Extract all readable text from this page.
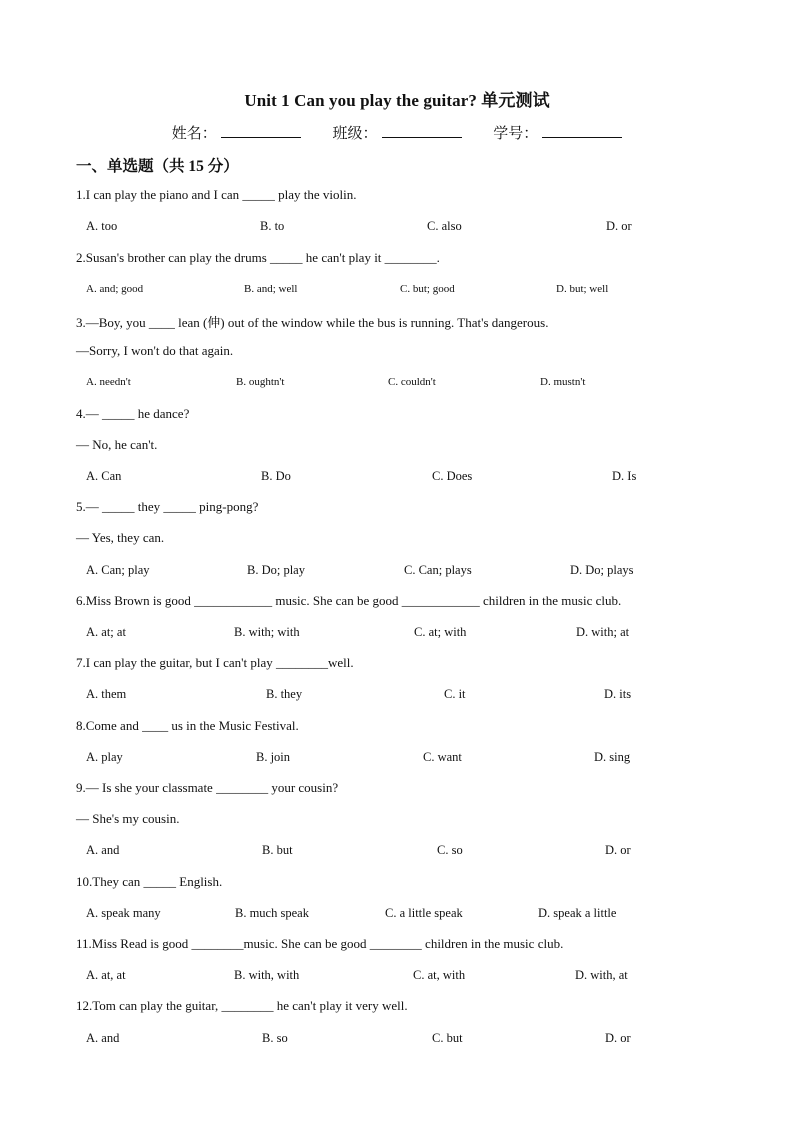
Unit 1 Can you play the guitar? 单元测试
姓名：	班级：	学号：
一、单选题（共 15 分）
1.I can play the piano and I can _____ play the violin.
A. too	B. to	C. also	D. or
2.Susan's brother can play the drums _____ he can't play it ________.
A. and; good	B. and; well	C. but; good	D. but; well
3.—Boy, you ____ lean (伸) out of the window while the bus is running. That's dangerous.
—Sorry, I won't do that again.
A. needn't	B. oughtn't	C. couldn't	D. mustn't
4.— _____ he dance?
— No, he can't.
A. Can	B. Do	C. Does	D. Is
5.— _____ they _____ ping-pong?
— Yes, they can.
A. Can; play	B. Do; play	C. Can; plays	D. Do; plays
6.Miss Brown is good ____________ music. She can be good ____________ children in the music club.
A. at; at	B. with; with	C. at; with	D. with; at
7.I can play the guitar, but I can't play ________well.
A. them	B. they	C. it	D. its
8.Come and ____ us in the Music Festival.
A. play	B. join	C. want	D. sing
9.— Is she your classmate ________ your cousin?
— She's my cousin.
A. and	B. but	C. so	D. or
10.They can _____ English.
A. speak many	B. much speak	C. a little speak	D. speak a little
11.Miss Read is good ________music. She can be good ________ children in the music club.
A. at, at	B. with, with	C. at, with	D. with, at
12.Tom can play the guitar, ________ he can't play it very well.
A. and	B. so	C. but	D. or
